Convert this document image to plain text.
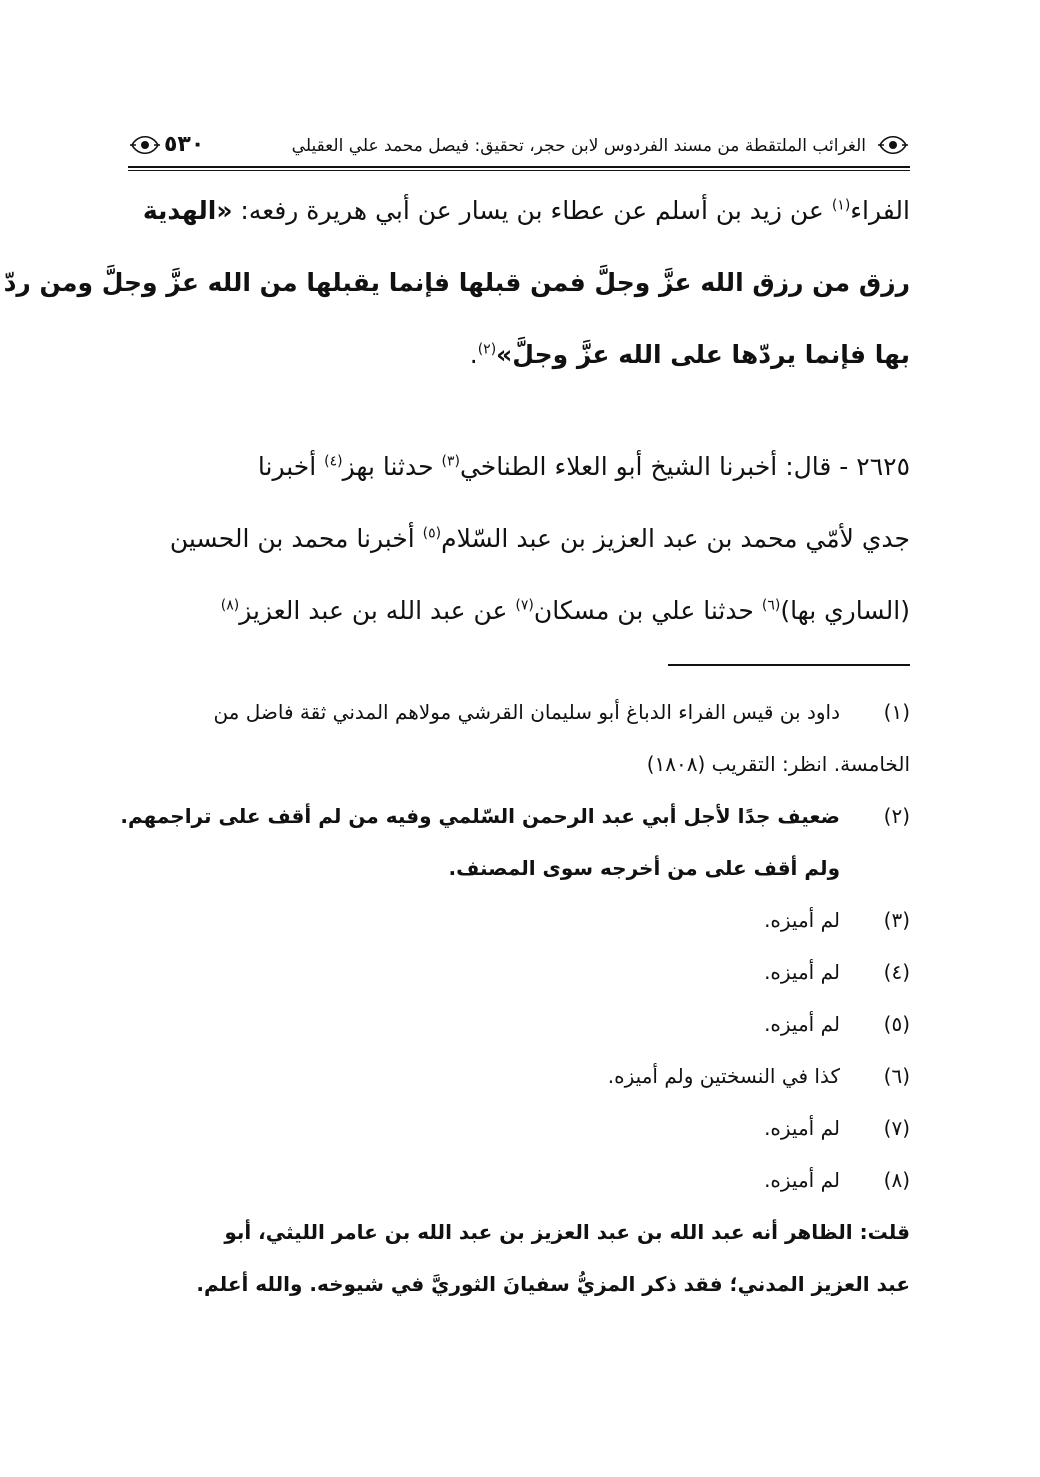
الغرائب الملتقطة من مسند الفردوس لابن حجر، تحقيق: فيصل محمد علي العقيلي
٥٣٠
الفراء$^{(١)}$ عن زيد بن أسلم عن عطاء بن يسار عن أبي هريرة رفعه: «الهدية
رزق من رزق الله عزَّ وجلَّ فمن قبلها فإنما يقبلها من الله عزَّ وجلَّ ومن ردّ
بها فإنما يردّها على الله عزَّ وجلَّ»$^{(٢)}$.
٢٦٢٥ - قال: أخبرنا الشيخ أبو العلاء الطناخي$^{(٣)}$ حدثنا بهز$^{(٤)}$ أخبرنا
جدي لأمّي محمد بن عبد العزيز بن عبد السّلام$^{(٥)}$ أخبرنا محمد بن الحسين
(الساري بها)$^{(٦)}$ حدثنا علي بن مسكان$^{(٧)}$ عن عبد الله بن عبد العزيز$^{(٨)}$
(١)
داود بن قيس الفراء الدباغ أبو سليمان القرشي مولاهم المدني ثقة فاضل من
الخامسة. انظر: التقريب (١٨٠٨)
(٢)
ضعيف جدًا لأجل أبي عبد الرحمن السّلمي وفيه من لم أقف على تراجمهم.
ولم أقف على من أخرجه سوى المصنف.
(٣)
لم أميزه.
(٤)
لم أميزه.
(٥)
لم أميزه.
(٦)
كذا في النسختين ولم أميزه.
(٧)
لم أميزه.
(٨)
لم أميزه.
قلت: الظاهر أنه عبد الله بن عبد العزيز بن عبد الله بن عامر الليثي، أبو
عبد العزيز المدني؛ فقد ذكر المزيُّ سفيانَ الثوريَّ في شيوخه. والله أعلم.
